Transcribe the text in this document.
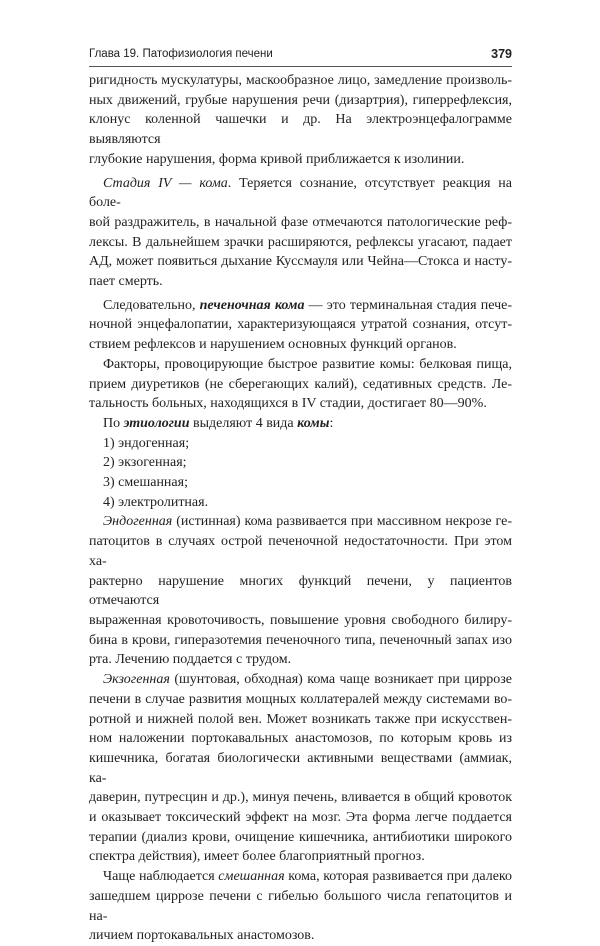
Глава 19. Патофизиология печени	379

ригидность мускулатуры, маскообразное лицо, замедление произволь-

ных движений, грубые нарушения речи (дизартрия), гиперрефлексия,

клонус коленной чашечки и др. На электроэнцефалограмме выявляются

глубокие нарушения, форма кривой приближается к изолинии.

Стадия IV — кома. Теряется сознание, отсутствует реакция на боле-

вой раздражитель, в начальной фазе отмечаются патологические реф-

лексы. В дальнейшем зрачки расширяются, рефлексы угасают, падает

АД, может появиться дыхание Куссмауля или Чейна—Стокса и насту-

пает смерть.

Следовательно, печеночная кома — это терминальная стадия пече-

ночной энцефалопатии, характеризующаяся утратой сознания, отсут-

ствием рефлексов и нарушением основных функций органов.

Факторы, провоцирующие быстрое развитие комы: белковая пища,

прием диуретиков (не сберегающих калий), седативных средств. Ле-

тальность больных, находящихся в IV стадии, достигает 80—90%.

По этиологии выделяют 4 вида комы:

1) эндогенная;

2) экзогенная;

3) смешанная;

4) электролитная.

Эндогенная (истинная) кома развивается при массивном некрозе ге-

патоцитов в случаях острой печеночной недостаточности. При этом ха-

рактерно нарушение многих функций печени, у пациентов отмечаются

выраженная кровоточивость, повышение уровня свободного билиру-

бина в крови, гиперазотемия печеночного типа, печеночный запах изо

рта. Лечению поддается с трудом.

Экзогенная (шунтовая, обходная) кома чаще возникает при циррозе

печени в случае развития мощных коллатералей между системами во-

ротной и нижней полой вен. Может возникать также при искусствен-

ном наложении портокавальных анастомозов, по которым кровь из

кишечника, богатая биологически активными веществами (аммиак, ка-

даверин, путресцин и др.), минуя печень, вливается в общий кровоток

и оказывает токсический эффект на мозг. Эта форма легче поддается

терапии (диализ крови, очищение кишечника, антибиотики широкого

спектра действия), имеет более благоприятный прогноз.

Чаще наблюдается смешанная кома, которая развивается при далеко

зашедшем циррозе печени с гибелью большого числа гепатоцитов и на-

личием портокавальных анастомозов.
